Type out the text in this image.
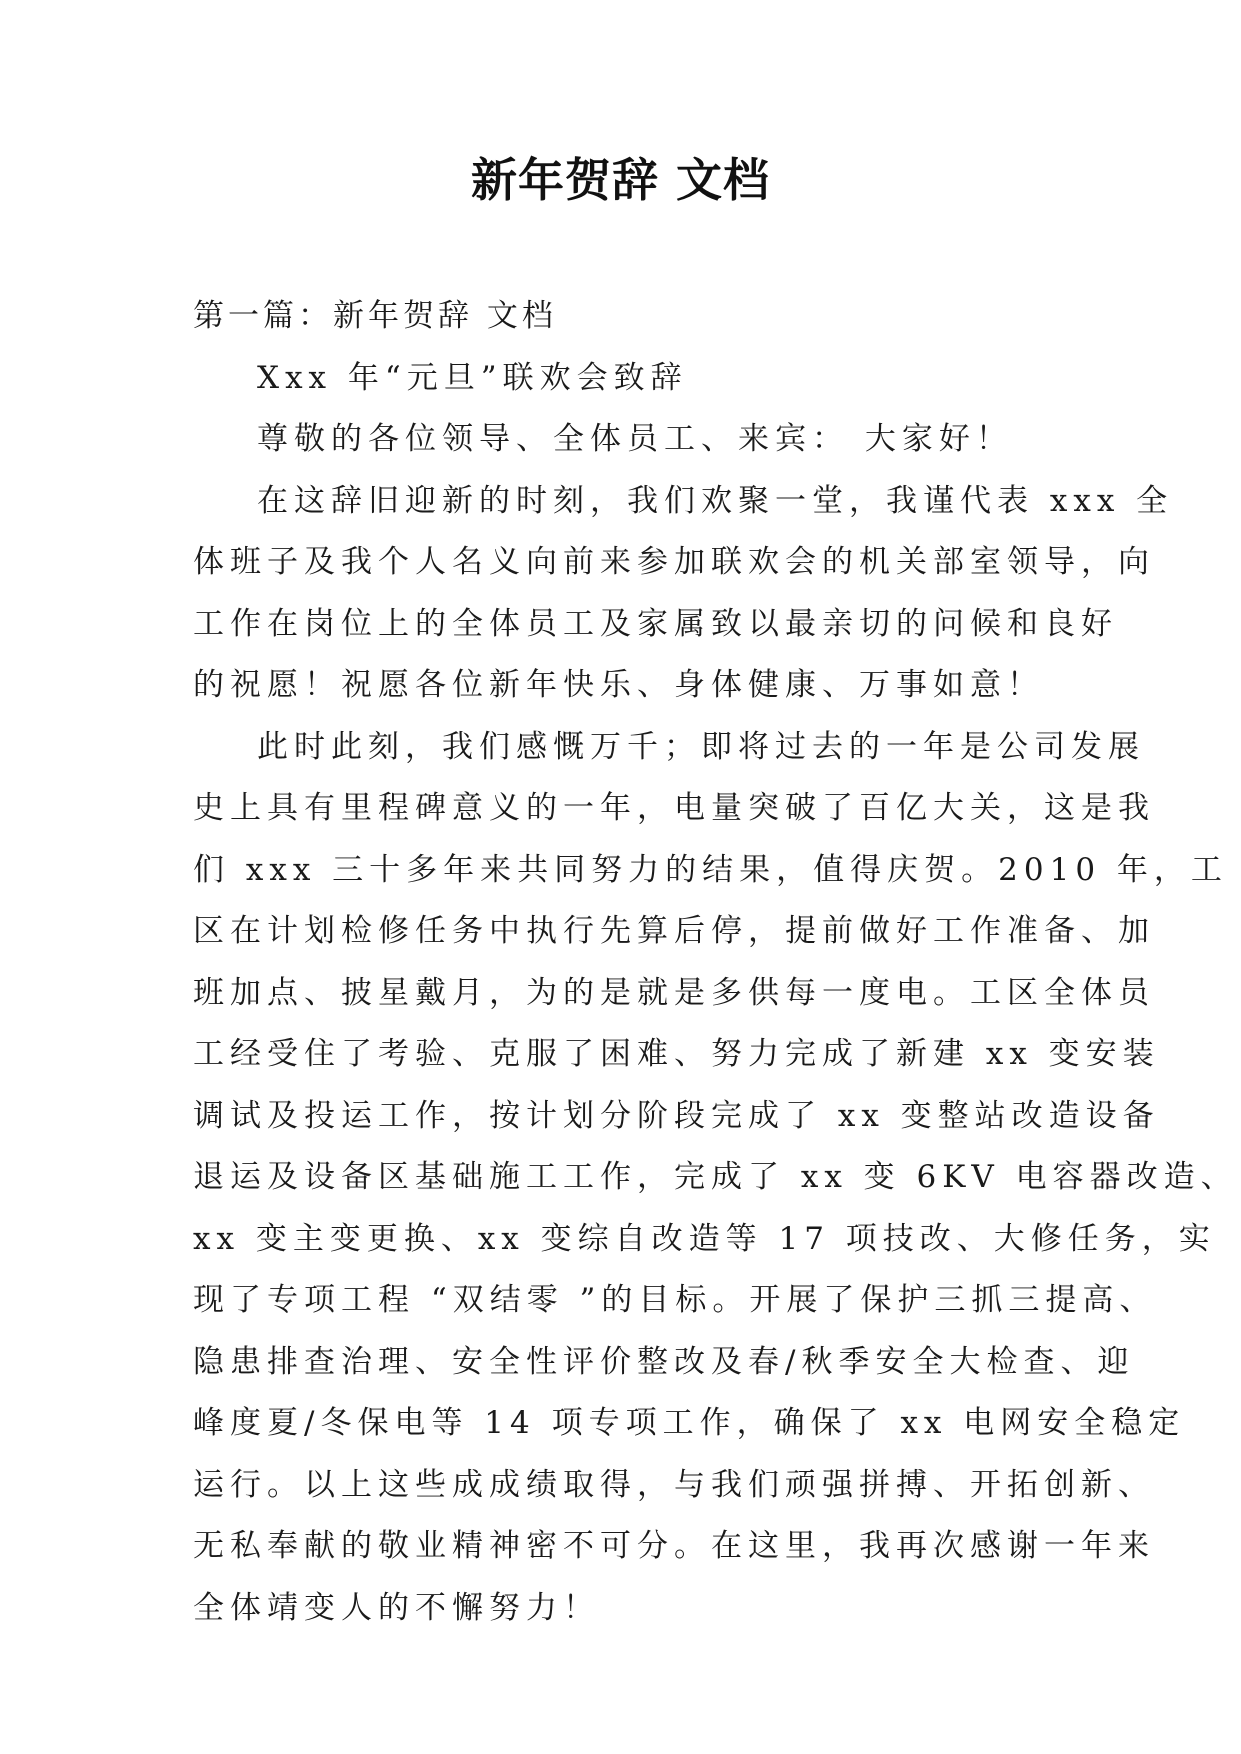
新年贺辞 文档
第一篇：新年贺辞 文档
Xxx 年“元旦”联欢会致辞
尊敬的各位领导、全体员工、来宾： 大家好！
在这辞旧迎新的时刻，我们欢聚一堂，我谨代表 xxx 全
体班子及我个人名义向前来参加联欢会的机关部室领导，向
工作在岗位上的全体员工及家属致以最亲切的问候和良好
的祝愿！祝愿各位新年快乐、身体健康、万事如意！
此时此刻，我们感慨万千；即将过去的一年是公司发展
史上具有里程碑意义的一年，电量突破了百亿大关，这是我
们 xxx 三十多年来共同努力的结果，值得庆贺。2010 年，工
区在计划检修任务中执行先算后停，提前做好工作准备、加
班加点、披星戴月，为的是就是多供每一度电。工区全体员
工经受住了考验、克服了困难、努力完成了新建 xx 变安装
调试及投运工作，按计划分阶段完成了 xx 变整站改造设备
退运及设备区基础施工工作，完成了 xx 变 6KV 电容器改造、
xx 变主变更换、xx 变综自改造等 17 项技改、大修任务，实
现了专项工程 “双结零 ”的目标。开展了保护三抓三提高、
隐患排查治理、安全性评价整改及春/秋季安全大检查、迎
峰度夏/冬保电等 14 项专项工作，确保了 xx 电网安全稳定
运行。以上这些成成绩取得，与我们顽强拼搏、开拓创新、
无私奉献的敬业精神密不可分。在这里，我再次感谢一年来
全体靖变人的不懈努力！
